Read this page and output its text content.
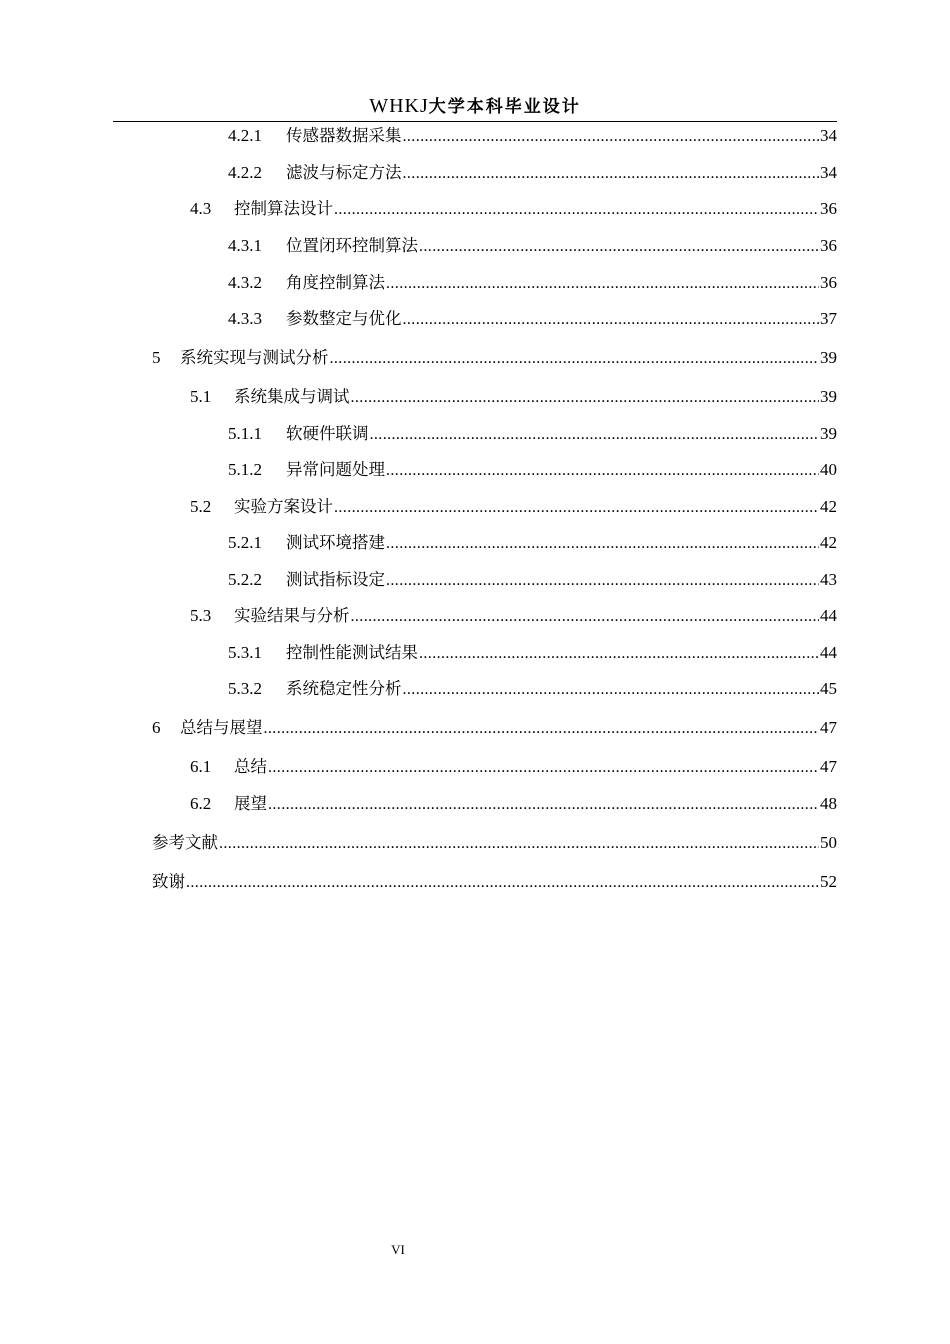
WHKJ大学本科毕业设计
4.2.1	传感器数据采集 .....	34
4.2.2	滤波与标定方法 .....	34
4.3	控制算法设计 .....	36
4.3.1	位置闭环控制算法 .....	36
4.3.2	角度控制算法 .....	36
4.3.3	参数整定与优化 .....	37
5	系统实现与测试分析 .....	39
5.1	系统集成与调试 .....	39
5.1.1	软硬件联调 .....	39
5.1.2	异常问题处理 .....	40
5.2	实验方案设计 .....	42
5.2.1	测试环境搭建 .....	42
5.2.2	测试指标设定 .....	43
5.3	实验结果与分析 .....	44
5.3.1	控制性能测试结果 .....	44
5.3.2	系统稳定性分析 .....	45
6	总结与展望 .....	47
6.1	总结 .....	47
6.2	展望 .....	48
参考文献 .....	50
致谢 .....	52
VI
